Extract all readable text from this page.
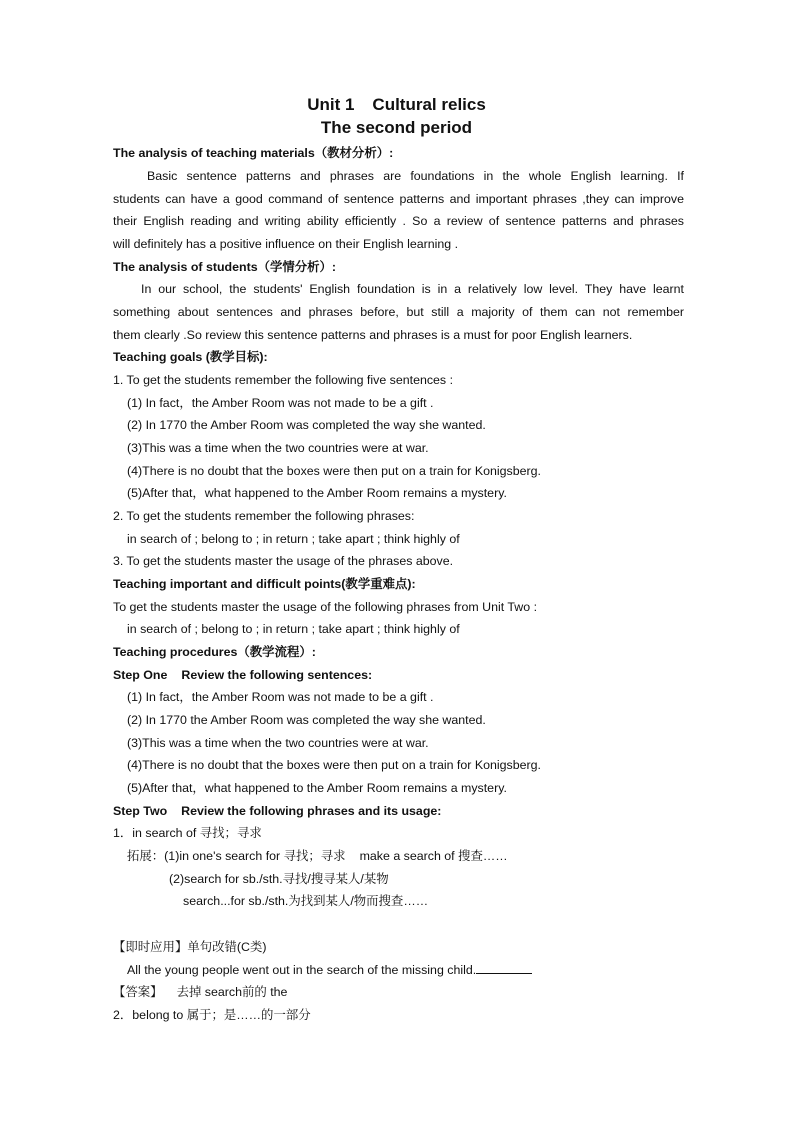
Unit 1 Cultural relics
The second period
The analysis of teaching materials（教材分析）:
Basic sentence patterns and phrases are foundations in the whole English learning. If
students can have a good command of sentence patterns and important phrases ,they can improve
their English reading and writing ability efficiently . So a review of sentence patterns and phrases
will definitely has a positive influence on their English learning .
The analysis of students（学情分析）:
In our school, the students' English foundation is in a relatively low level. They have learnt
something about sentences and phrases before, but still a majority of them can not remember
them clearly .So review this sentence patterns and phrases is a must for poor English learners.
Teaching goals (教学目标):
1. To get the students remember the following five sentences :
(1) In fact，the Amber Room was not made to be a gift .
(2) In 1770 the Amber Room was completed the way she wanted.
(3)This was a time when the two countries were at war.
(4)There is no doubt that the boxes were then put on a train for Konigsberg.
(5)After that，what happened to the Amber Room remains a mystery.
2. To get the students remember the following phrases:
in search of ; belong to ; in return ; take apart ; think highly of
3. To get the students master the usage of the phrases above.
Teaching important and difficult points(教学重难点):
To get the students master the usage of the following phrases from Unit Two :
in search of ; belong to ; in return ; take apart ; think highly of
Teaching procedures（教学流程）:
Step One Review the following sentences:
(1) In fact，the Amber Room was not made to be a gift .
(2) In 1770 the Amber Room was completed the way she wanted.
(3)This was a time when the two countries were at war.
(4)There is no doubt that the boxes were then put on a train for Konigsberg.
(5)After that，what happened to the Amber Room remains a mystery.
Step Two Review the following phrases and its usage:
1．in search of 寻找；寻求
拓展：(1)in one's search for 寻找；寻求 make a search of 搜查……
(2)search for sb./sth.寻找/搜寻某人/某物
search...for sb./sth.为找到某人/物而搜查……
【即时应用】单句改错(C类)
All the young people went out in the search of the missing child.
【答案】 去掉 search前的 the
2．belong to 属于；是……的一部分
